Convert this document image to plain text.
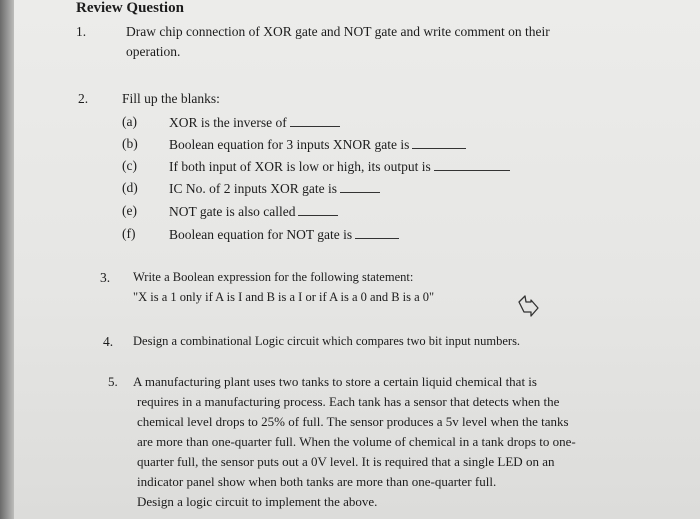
Review Question
1.	Draw chip connection of XOR gate and NOT gate and write comment on their
operation.
2.	Fill up the blanks:
(a) XOR is the inverse of
(b) Boolean equation for 3 inputs XNOR gate is
(c) If both input of XOR is low or high, its output is
(d) IC No. of 2 inputs XOR gate is
(e) NOT gate is also called
(f) Boolean equation for NOT gate is
3. Write a Boolean expression for the following statement:
"X is a 1 only if A is I and B is a I or if A is a 0 and B is a 0"
4. Design a combinational Logic circuit which compares two bit input numbers.
5. A manufacturing plant uses two tanks to store a certain liquid chemical that is
requires in a manufacturing process. Each tank has a sensor that detects when the
chemical level drops to 25% of full. The sensor produces a 5v level when the tanks
are more than one-quarter full. When the volume of chemical in a tank drops to one-
quarter full, the sensor puts out a 0V level. It is required that a single LED on an
indicator panel show when both tanks are more than one-quarter full.
Design a logic circuit to implement the above.
